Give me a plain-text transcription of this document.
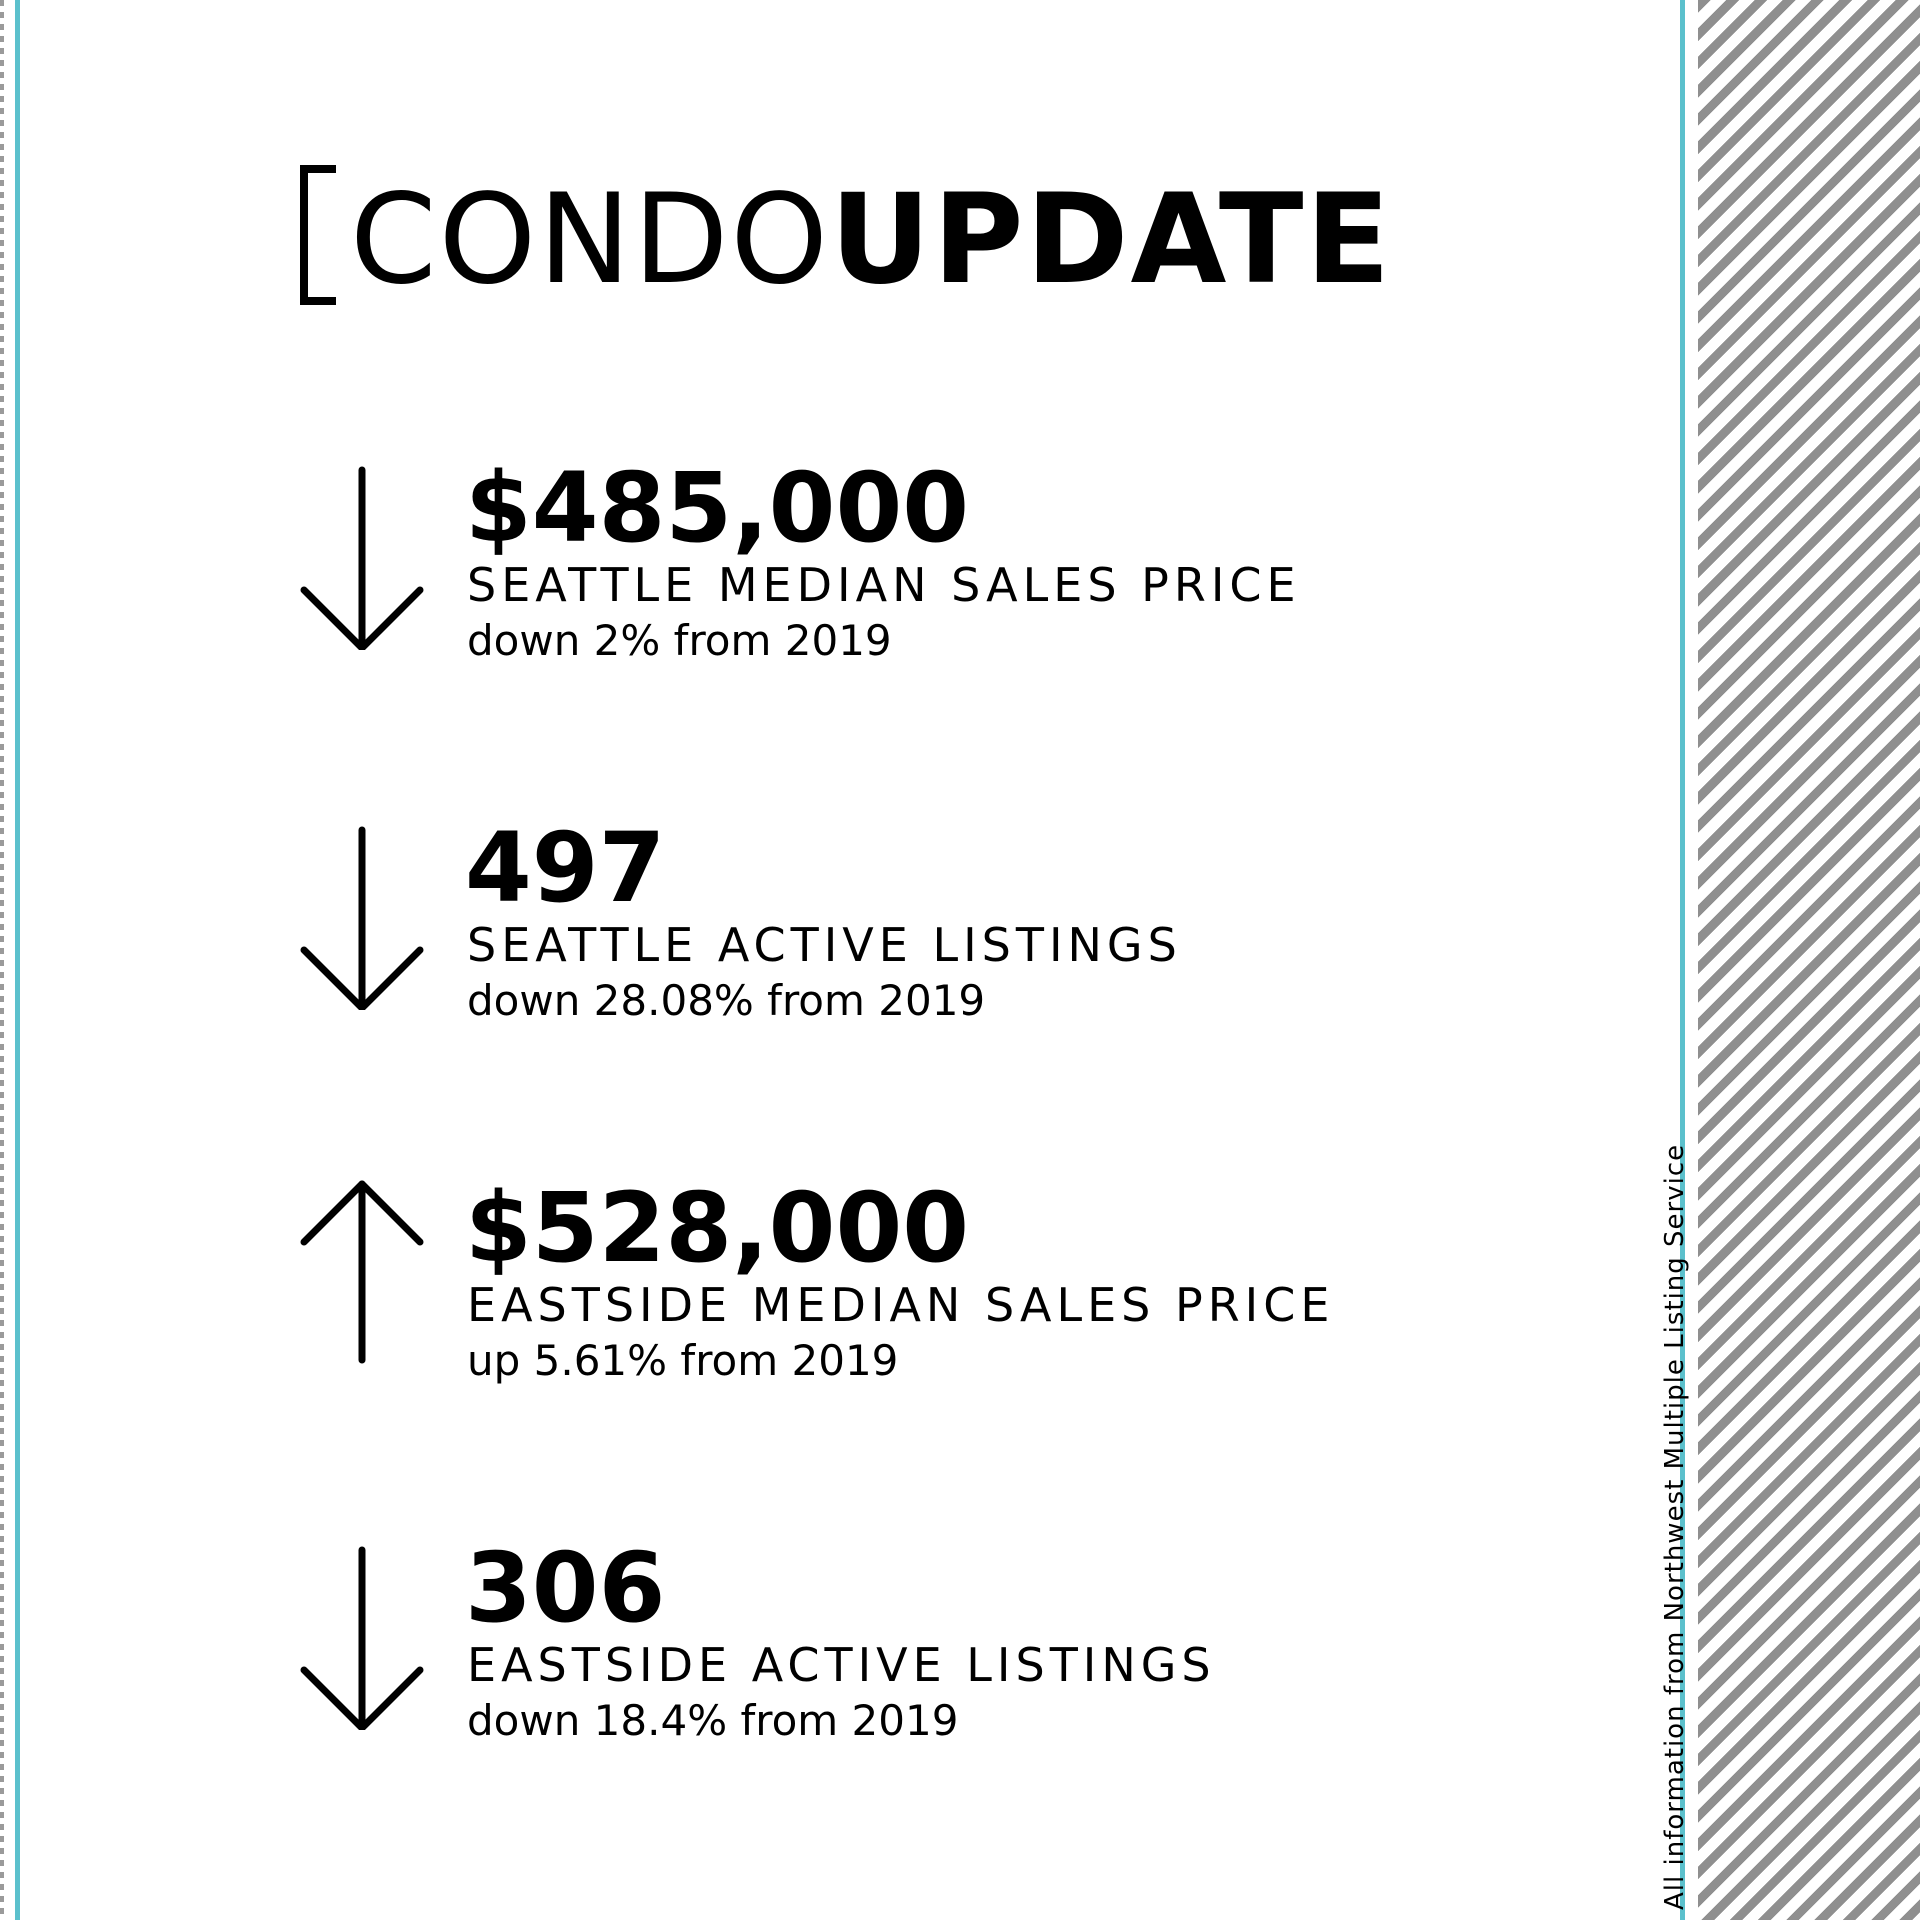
CONDOUPDATE
$485,000
SEATTLE MEDIAN SALES PRICE
down 2% from 2019
497
SEATTLE ACTIVE LISTINGS
down 28.08% from 2019
$528,000
EASTSIDE MEDIAN SALES PRICE
up 5.61% from 2019
306
EASTSIDE ACTIVE LISTINGS
down 18.4% from 2019	All information from Northwest Multiple Listing Service
